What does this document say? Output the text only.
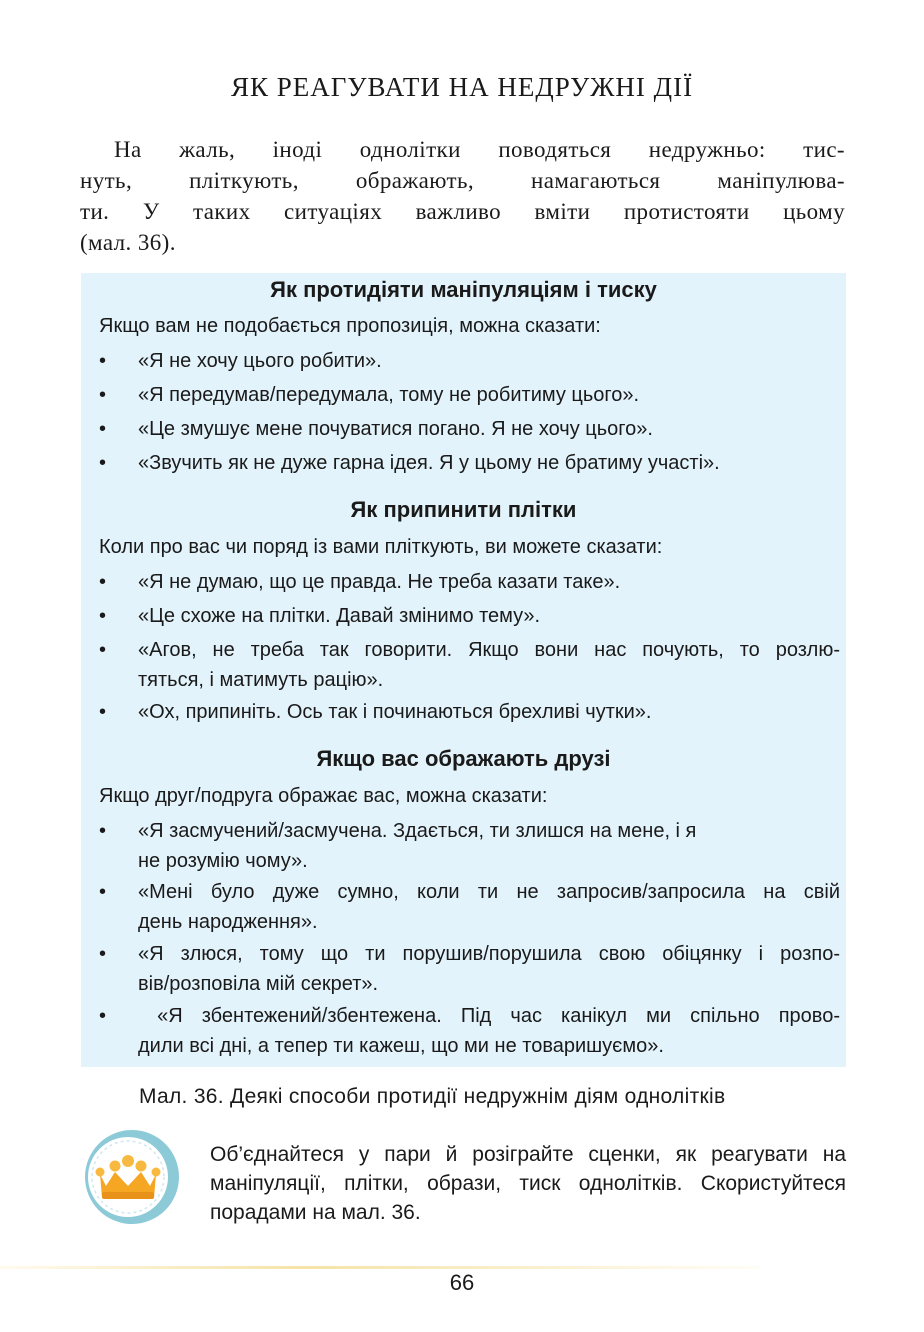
ЯК РЕАГУВАТИ НА НЕДРУЖНІ ДІЇ
На жаль, іноді однолітки поводяться недружньо: тис-
нуть, пліткують, ображають, намагаються маніпулюва-
ти. У таких ситуаціях важливо вміти протистояти цьому
(мал. 36).
Як протидіяти маніпуляціям і тиску
Якщо вам не подобається пропозиція, можна сказати:
•	«Я не хочу цього робити».
•	«Я передумав/передумала, тому не робитиму цього».
•	«Це змушує мене почуватися погано. Я не хочу цього».
•	«Звучить як не дуже гарна ідея. Я у цьому не братиму участі».
Як припинити плітки
Коли про вас чи поряд із вами пліткують, ви можете сказати:
•	«Я не думаю, що це правда. Не треба казати таке».
•	«Це схоже на плітки. Давай змінимо тему».
•	«Агов, не треба так говорити. Якщо вони нас почують, то розлю-
тяться, і матимуть рацію».
•	«Ох, припиніть. Ось так і починаються брехливі чутки».
Якщо вас ображають друзі
Якщо друг/подруга ображає вас, можна сказати:
•	«Я засмучений/засмучена. Здається, ти злишся на мене, і я
не розумію чому».
•	«Мені було дуже сумно, коли ти не запросив/запросила на свій
день народження».
•	«Я злюся, тому що ти порушив/порушила свою обіцянку і розпо-
вів/розповіла мій секрет».
•	«Я збентежений/збентежена. Під час канікул ми спільно прово-
дили всі дні, а тепер ти кажеш, що ми не товаришуємо».
Мал. 36. Деякі способи протидії недружнім діям однолітків
Об’єднайтеся у пари й розіграйте сценки, як реагувати на
маніпуляції, плітки, образи, тиск однолітків. Скористуйтеся
порадами на мал. 36.
66
